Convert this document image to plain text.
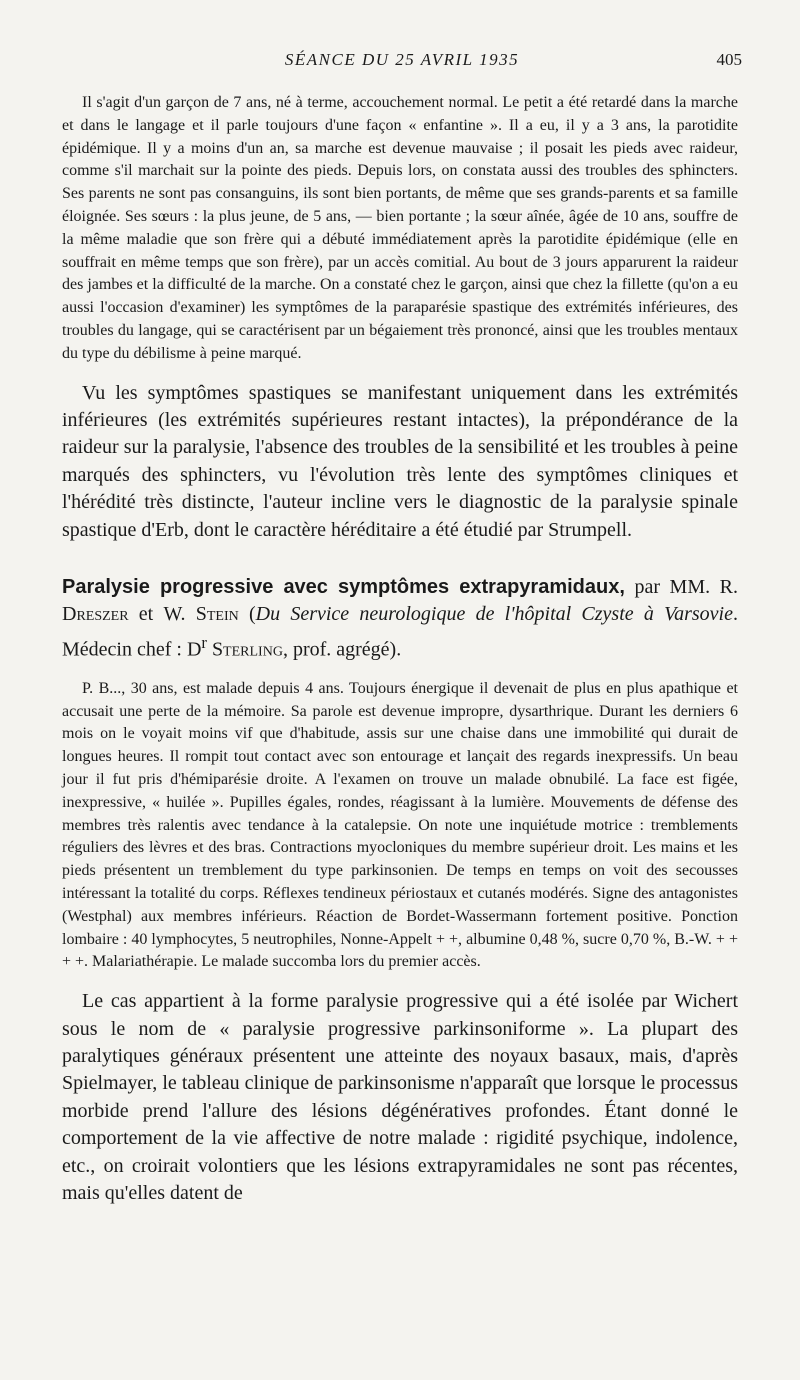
SÉANCE DU 25 AVRIL 1935	405

Il s'agit d'un garçon de 7 ans, né à terme, accouchement normal. Le petit a été retardé dans la marche et dans le langage et il parle toujours d'une façon « enfantine ». Il a eu, il y a 3 ans, la parotidite épidémique. Il y a moins d'un an, sa marche est devenue mauvaise ; il posait les pieds avec raideur, comme s'il marchait sur la pointe des pieds. Depuis lors, on constata aussi des troubles des sphincters. Ses parents ne sont pas consanguins, ils sont bien portants, de même que ses grands-parents et sa famille éloignée. Ses sœurs : la plus jeune, de 5 ans, — bien portante ; la sœur aînée, âgée de 10 ans, souffre de la même maladie que son frère qui a débuté immédiatement après la parotidite épidémique (elle en souffrait en même temps que son frère), par un accès comitial. Au bout de 3 jours apparurent la raideur des jambes et la difficulté de la marche. On a constaté chez le garçon, ainsi que chez la fillette (qu'on a eu aussi l'occasion d'examiner) les symptômes de la paraparésie spastique des extrémités inférieures, des troubles du langage, qui se caractérisent par un bégaiement très prononcé, ainsi que les troubles mentaux du type du débilisme à peine marqué.

Vu les symptômes spastiques se manifestant uniquement dans les extrémités inférieures (les extrémités supérieures restant intactes), la prépondérance de la raideur sur la paralysie, l'absence des troubles de la sensibilité et les troubles à peine marqués des sphincters, vu l'évolution très lente des symptômes cliniques et l'hérédité très distincte, l'auteur incline vers le diagnostic de la paralysie spinale spastique d'Erb, dont le caractère héréditaire a été étudié par Strumpell.

Paralysie progressive avec symptômes extrapyramidaux, par MM. R. Dreszer et W. Stein (Du Service neurologique de l'hôpital Czyste à Varsovie. Médecin chef : $D^r$ Sterling, prof. agrégé).

P. B..., 30 ans, est malade depuis 4 ans. Toujours énergique il devenait de plus en plus apathique et accusait une perte de la mémoire. Sa parole est devenue impropre, dysarthrique. Durant les derniers 6 mois on le voyait moins vif que d'habitude, assis sur une chaise dans une immobilité qui durait de longues heures. Il rompit tout contact avec son entourage et lançait des regards inexpressifs. Un beau jour il fut pris d'hémiparésie droite. A l'examen on trouve un malade obnubilé. La face est figée, inexpressive, « huilée ». Pupilles égales, rondes, réagissant à la lumière. Mouvements de défense des membres très ralentis avec tendance à la catalepsie. On note une inquiétude motrice : tremblements réguliers des lèvres et des bras. Contractions myocloniques du membre supérieur droit. Les mains et les pieds présentent un tremblement du type parkinsonien. De temps en temps on voit des secousses intéressant la totalité du corps. Réflexes tendineux périostaux et cutanés modérés. Signe des antagonistes (Westphal) aux membres inférieurs. Réaction de Bordet-Wassermann fortement positive. Ponction lombaire : 40 lymphocytes, 5 neutrophiles, Nonne-Appelt + +, albumine 0,48 %, sucre 0,70 %, B.-W. + + + +. Malariathérapie. Le malade succomba lors du premier accès.

Le cas appartient à la forme paralysie progressive qui a été isolée par Wichert sous le nom de « paralysie progressive parkinsoniforme ». La plupart des paralytiques généraux présentent une atteinte des noyaux basaux, mais, d'après Spielmayer, le tableau clinique de parkinsonisme n'apparaît que lorsque le processus morbide prend l'allure des lésions dégénératives profondes. Étant donné le comportement de la vie affective de notre malade : rigidité psychique, indolence, etc., on croirait volontiers que les lésions extrapyramidales ne sont pas récentes, mais qu'elles datent de
